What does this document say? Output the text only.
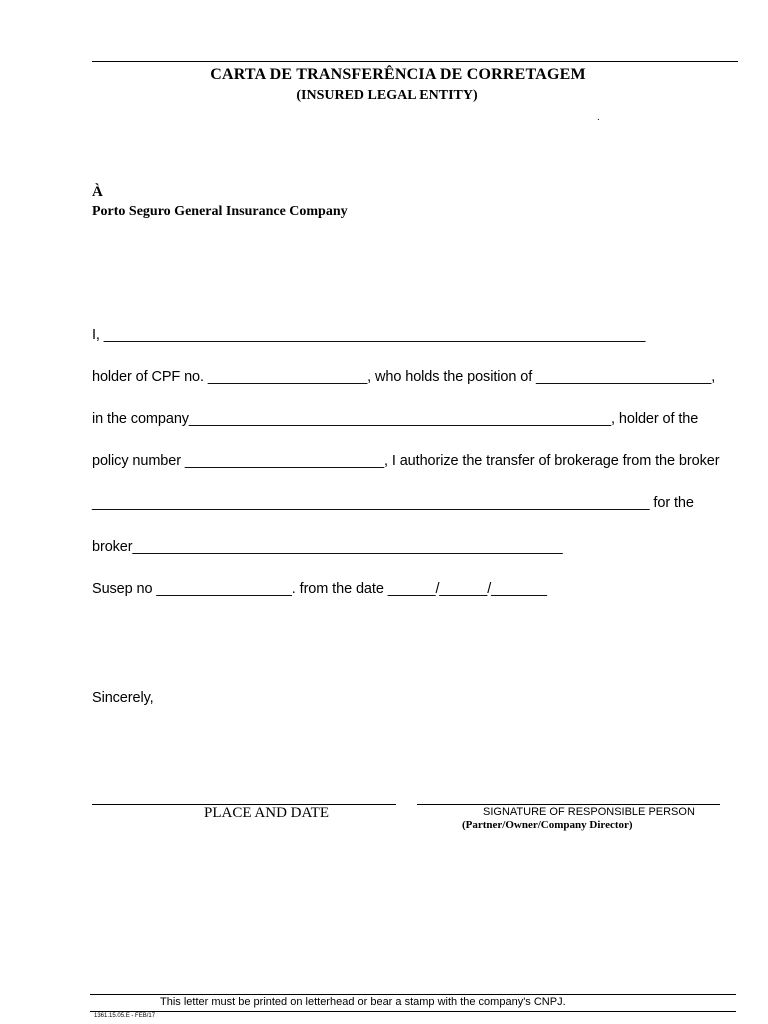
CARTA DE TRANSFERÊNCIA DE CORRETAGEM
(INSURED LEGAL ENTITY)
.
À
Porto Seguro General Insurance Company
I, ____________________________________________________________________
holder of CPF no. ____________________, who holds the position of ______________________,
in the company_____________________________________________________, holder of the
policy number _________________________, I authorize the transfer of brokerage from the broker
______________________________________________________________________ for the
broker______________________________________________________
Susep no _________________. from the date ______/______/_______
Sincerely,
PLACE AND DATE	SIGNATURE OF RESPONSIBLE PERSON
(Partner/Owner/Company Director)
This letter must be printed on letterhead or bear a stamp with the company's CNPJ.
1361.15.05.E - FEB/17
